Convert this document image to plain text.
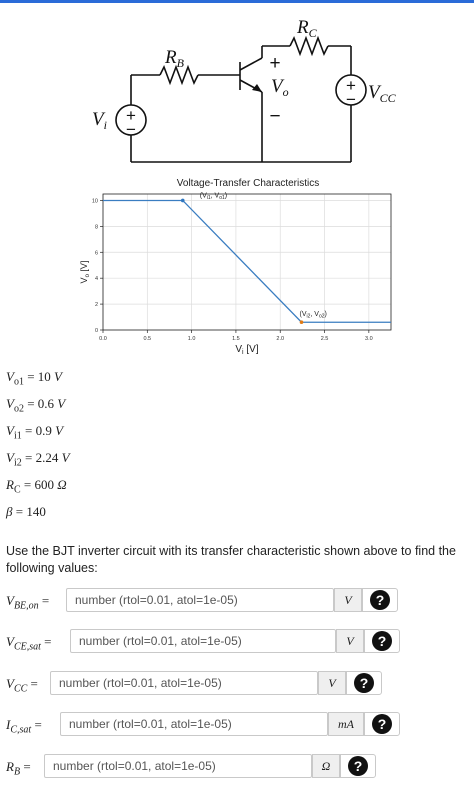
+
−
+
−
$R_B$
$R_C$
$V_i$
$V_{CC}$
$V_o$
+
−
Voltage-Transfer Characteristics
0.0	0.5	1.0	1.5	2.0	2.5	3.0
0
2
4
6
8
10
($V_{i1}$, $V_{o1}$)
($V_{i2}$, $V_{o2}$)
$V_i$ [V]
$V_o$ [V]
$V_{o1} = 10$ V
$V_{o2} = 0.6$ V
$V_{i1} = 0.9$ V
$V_{i2} = 2.24$ V
$R_C = 600$ Ω
β = 140
Use the BJT inverter circuit with its transfer characteristic shown above to find the following values:
$V_{BE,on}$ =
number (rtol=0.01, atol=1e-05)	V	?
$V_{CE,sat}$ =
number (rtol=0.01, atol=1e-05)	V	?
$V_{CC}$ =
number (rtol=0.01, atol=1e-05)	V	?
$I_{C,sat}$ =
number (rtol=0.01, atol=1e-05)	mA	?
$R_B$ =
number (rtol=0.01, atol=1e-05)	Ω	?
